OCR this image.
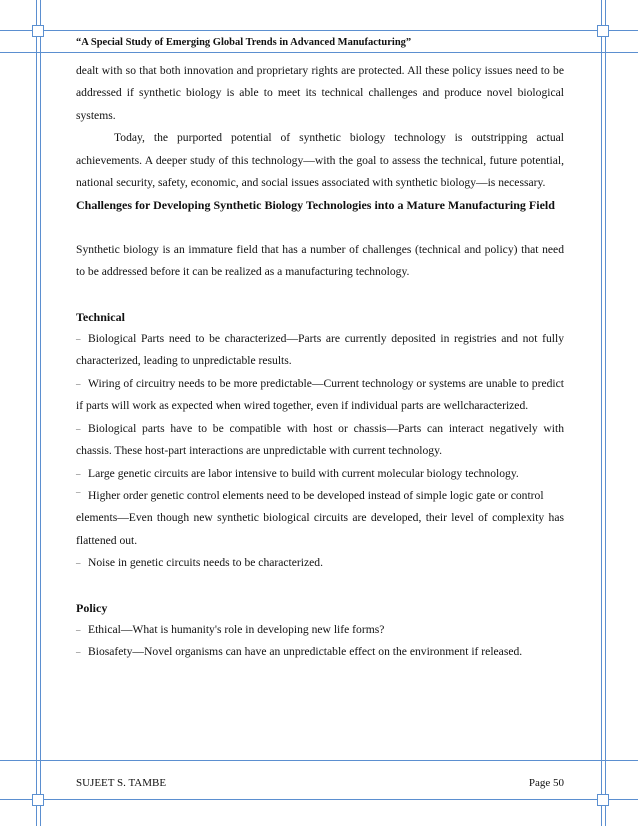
“A Special Study of Emerging Global Trends in Advanced Manufacturing”

dealt with so that both innovation and proprietary rights are protected. All these policy issues need to be addressed if synthetic biology is able to meet its technical challenges and produce novel biological systems.

Today, the purported potential of synthetic biology technology is outstripping actual achievements. A deeper study of this technology—with the goal to assess the technical, future potential, national security, safety, economic, and social issues associated with synthetic biology—is necessary.

Challenges for Developing Synthetic Biology Technologies into a Mature Manufacturing Field

Synthetic biology is an immature field that has a number of challenges (technical and policy) that need to be addressed before it can be realized as a manufacturing technology.

Technical

– Biological Parts need to be characterized—Parts are currently deposited in registries and not fully characterized, leading to unpredictable results.

– Wiring of circuitry needs to be more predictable—Current technology or systems are unable to predict if parts will work as expected when wired together, even if individual parts are wellcharacterized.

– Biological parts have to be compatible with host or chassis—Parts can interact negatively with chassis. These host-part interactions are unpredictable with current technology.

– Large genetic circuits are labor intensive to build with current molecular biology technology.

¯ Higher order genetic control elements need to be developed instead of simple logic gate or control

elements—Even though new synthetic biological circuits are developed, their level of complexity has flattened out.

– Noise in genetic circuits needs to be characterized.

Policy

– Ethical—What is humanity's role in developing new life forms?

– Biosafety—Novel organisms can have an unpredictable effect on the environment if released.

SUJEET S. TAMBE	Page 50
